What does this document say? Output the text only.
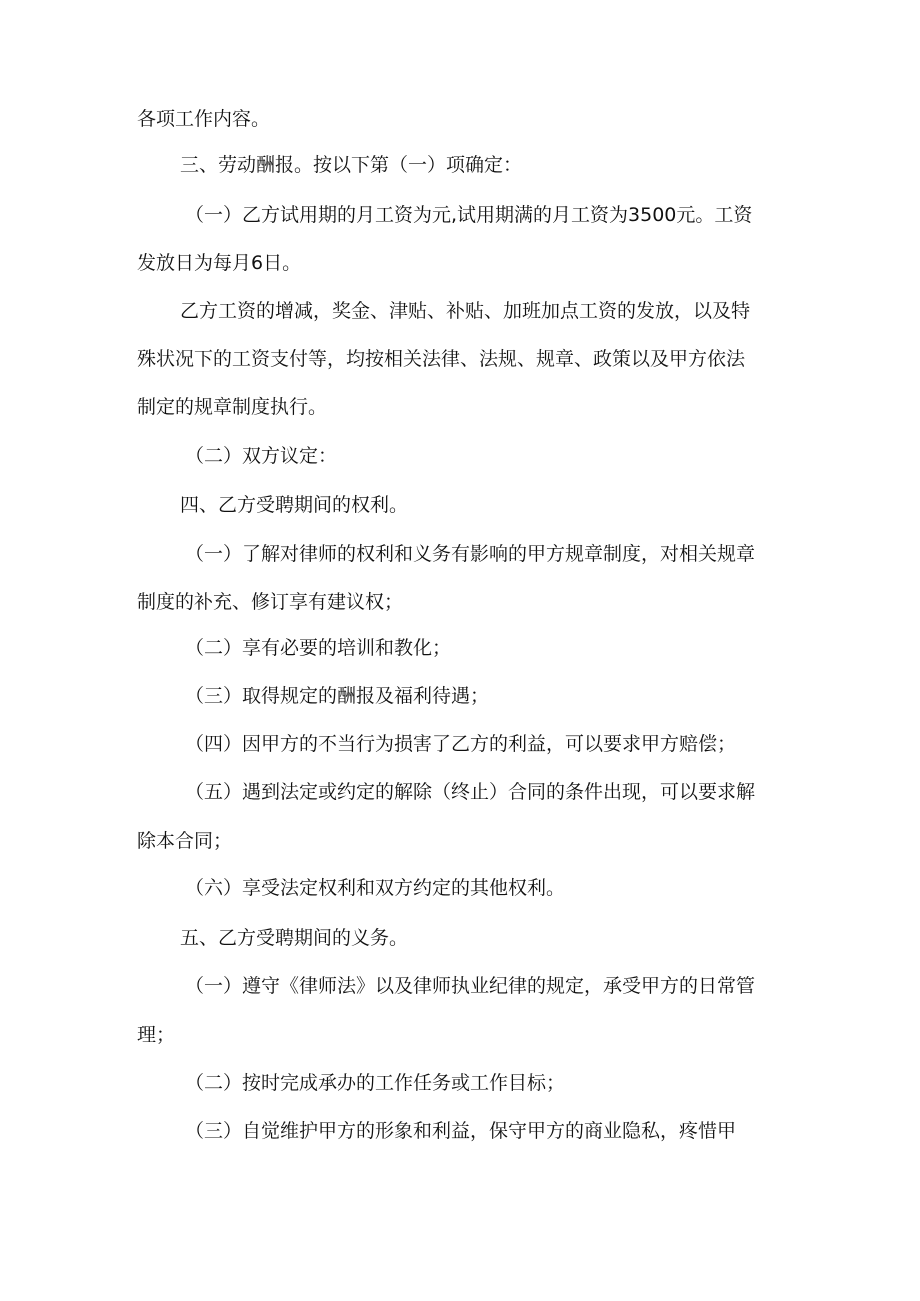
各项工作内容。
三、劳动酬报。按以下第（一）项确定：
（一）乙方试用期的月工资为元,试用期满的月工资为3500元。工资
发放日为每月6日。
乙方工资的增减，奖金、津贴、补贴、加班加点工资的发放，以及特
殊状况下的工资支付等，均按相关法律、法规、规章、政策以及甲方依法
制定的规章制度执行。
（二）双方议定：
四、乙方受聘期间的权利。
（一）了解对律师的权利和义务有影响的甲方规章制度，对相关规章
制度的补充、修订享有建议权；
（二）享有必要的培训和教化；
（三）取得规定的酬报及福利待遇；
（四）因甲方的不当行为损害了乙方的利益，可以要求甲方赔偿；
（五）遇到法定或约定的解除（终止）合同的条件出现，可以要求解
除本合同；
（六）享受法定权利和双方约定的其他权利。
五、乙方受聘期间的义务。
（一）遵守《律师法》以及律师执业纪律的规定，承受甲方的日常管
理；
（二）按时完成承办的工作任务或工作目标；
（三）自觉维护甲方的形象和利益，保守甲方的商业隐私，疼惜甲
